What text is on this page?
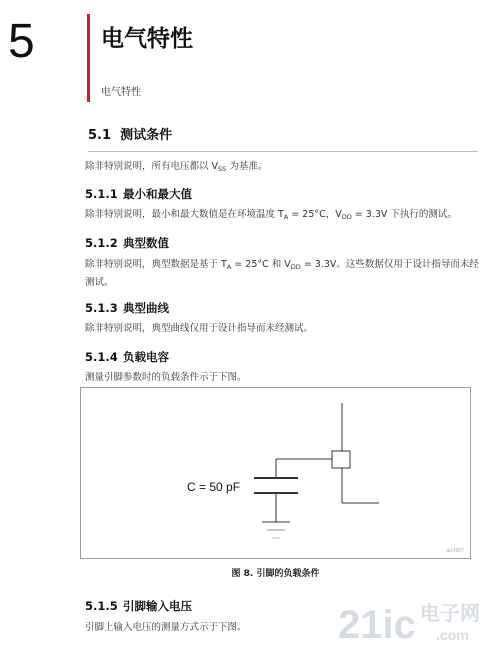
5	电气特性
电气特性
5.1 测试条件
除非特别说明，所有电压都以 $V_{SS}$ 为基准。
5.1.1 最小和最大值
除非特别说明，最小和最大数值是在环境温度 $T_A = 25^\circ C$，$V_{DD} = 3.3V$ 下执行的测试。
5.1.2 典型数值
除非特别说明，典型数据是基于 $T_A = 25^\circ C$ 和 $V_{DD} = 3.3V$。这些数据仅用于设计指导而未经测试。
5.1.3 典型曲线
除非特别说明，典型曲线仅用于设计指导而未经测试。
5.1.4 负载电容
测量引脚参数时的负载条件示于下图。
C = 50 pF
ai14907
图 8. 引脚的负载条件
5.1.5 引脚输入电压
引脚上输入电压的测量方式示于下图。	21ic 电子网
.com
